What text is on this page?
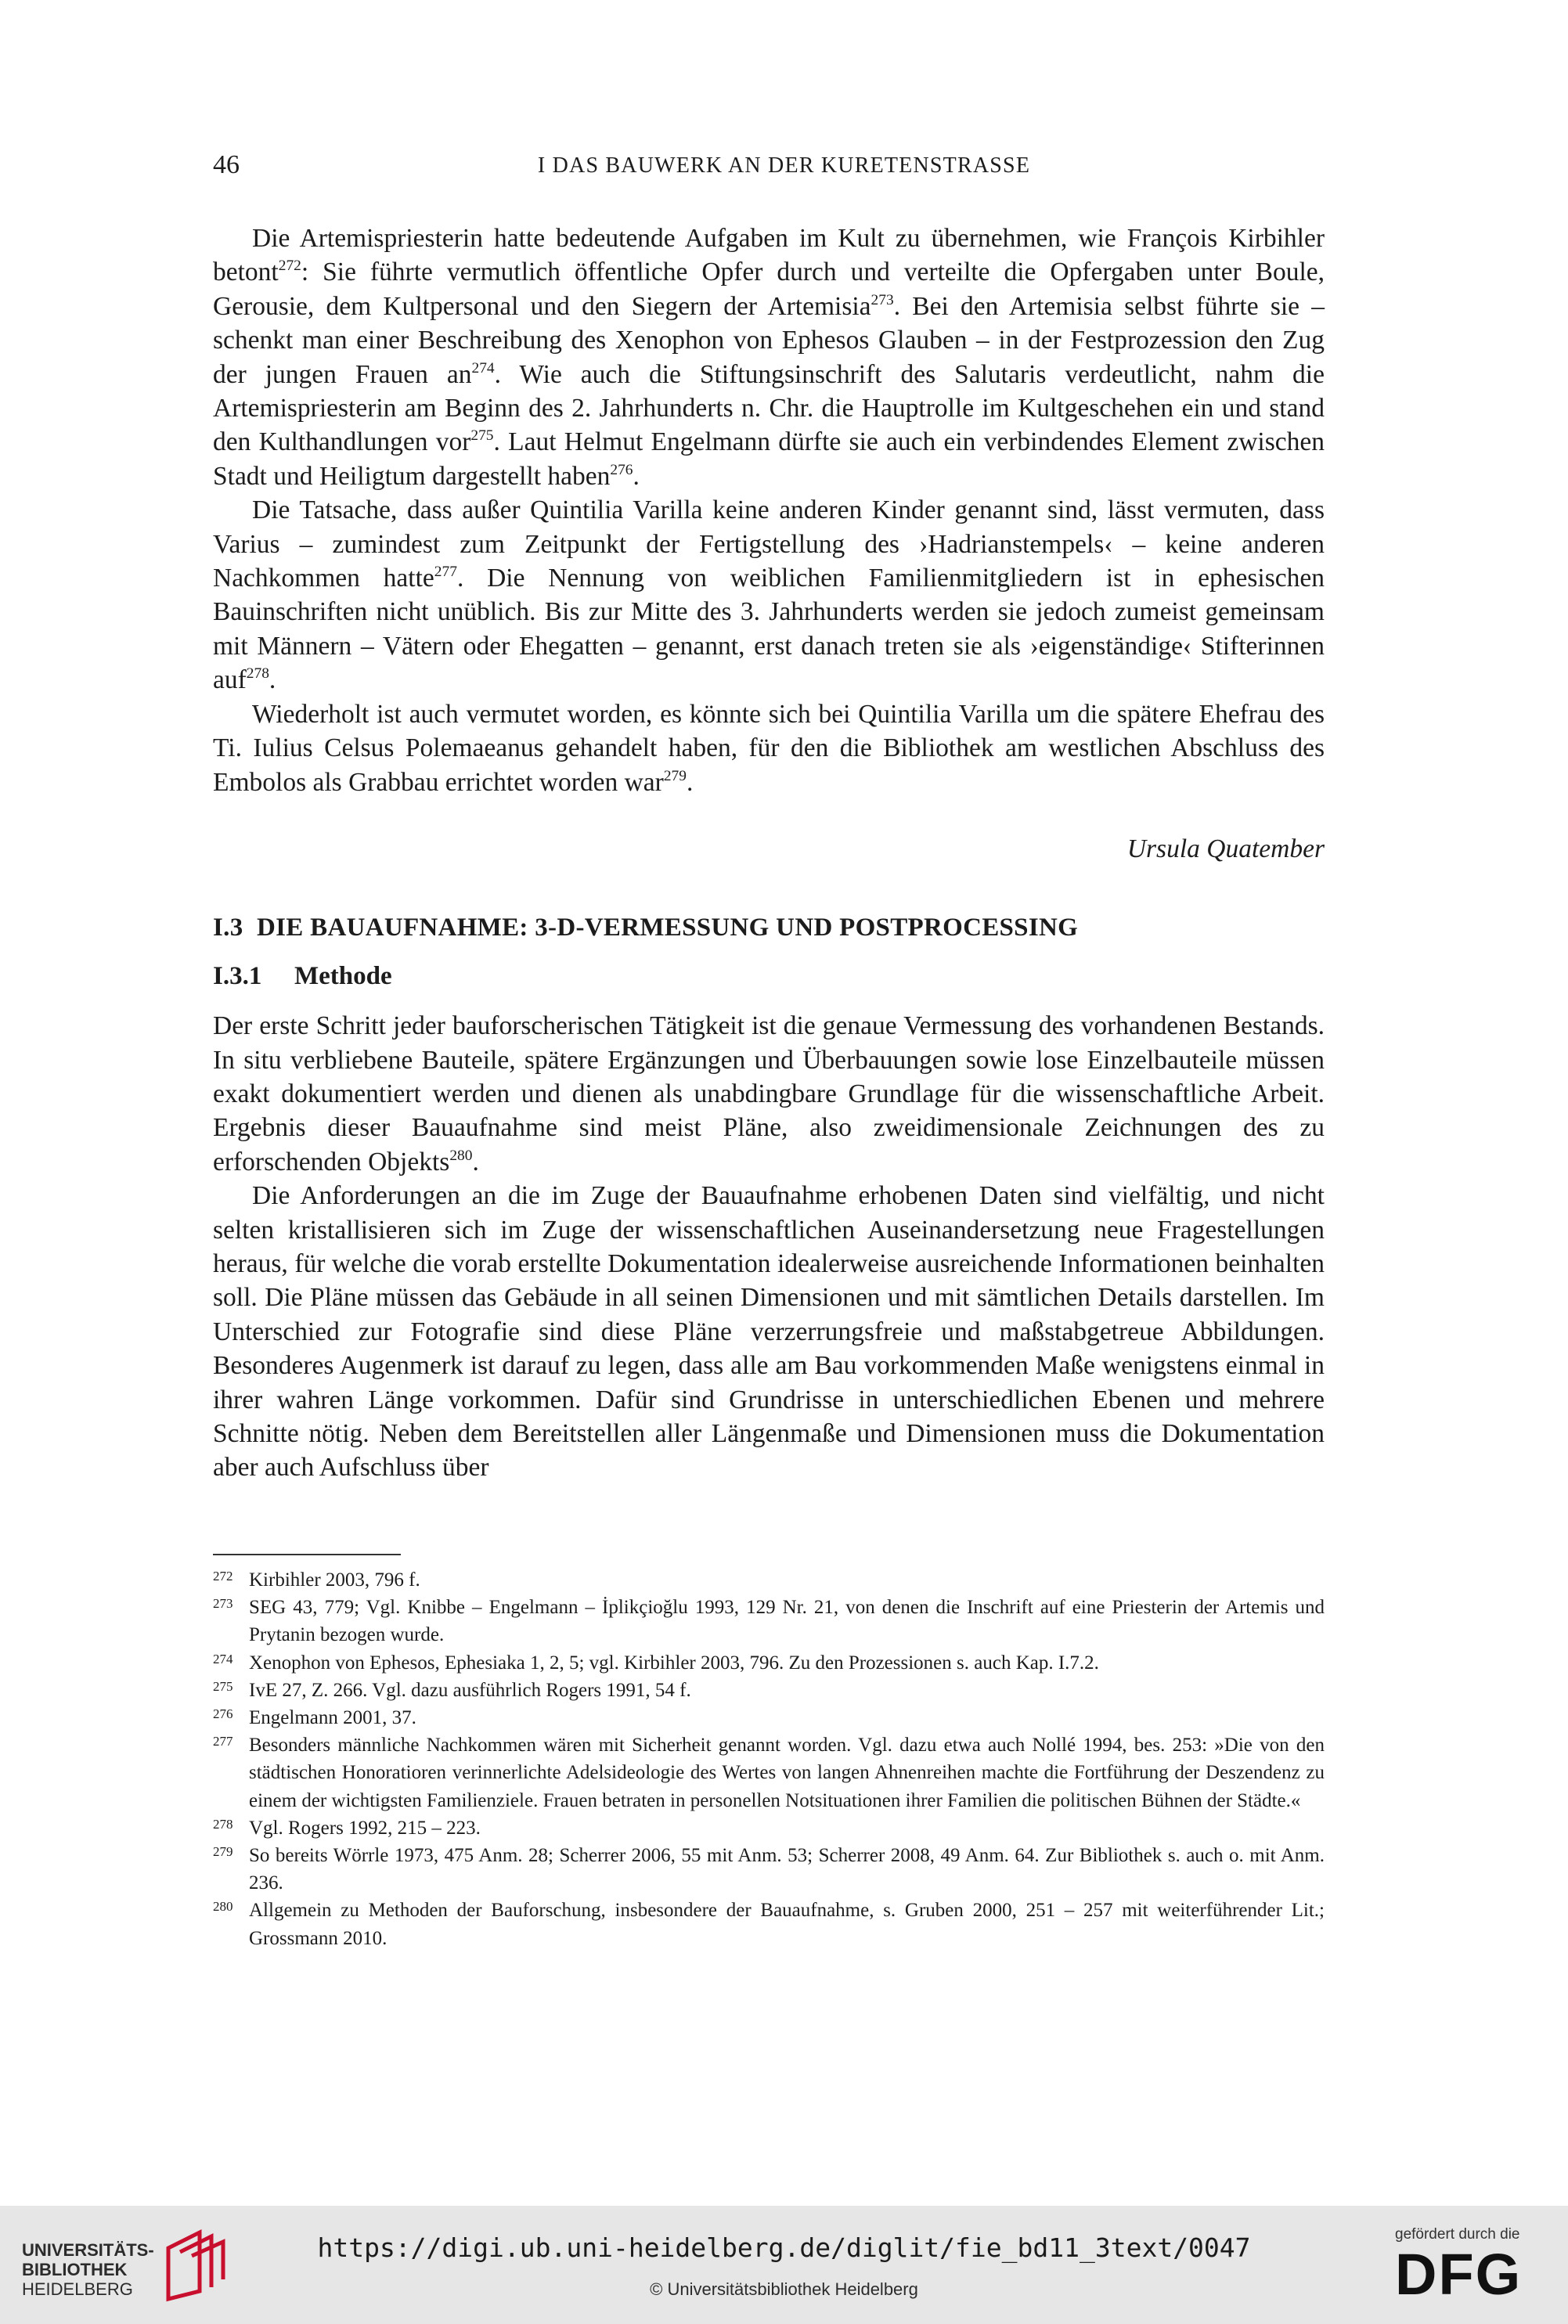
46	I DAS BAUWERK AN DER KURETENSTRASSE

Die Artemispriesterin hatte bedeutende Aufgaben im Kult zu übernehmen, wie François Kirbihler betont$^{272}$: Sie führte vermutlich öffentliche Opfer durch und verteilte die Opfergaben unter Boule, Gerousie, dem Kultpersonal und den Siegern der Artemisia$^{273}$. Bei den Artemisia selbst führte sie – schenkt man einer Beschreibung des Xenophon von Ephesos Glauben – in der Festprozession den Zug der jungen Frauen $an^{274}$. Wie auch die Stiftungsinschrift des Salutaris verdeutlicht, nahm die Artemispriesterin am Beginn des 2. Jahrhunderts n. Chr. die Hauptrolle im Kultgeschehen ein und stand den Kulthandlungen vor$^{275}$. Laut Helmut Engelmann dürfte sie auch ein verbindendes Element zwischen Stadt und Heiligtum dargestellt haben$^{276}$.

Die Tatsache, dass außer Quintilia Varilla keine anderen Kinder genannt sind, lässt vermuten, dass Varius – zumindest zum Zeitpunkt der Fertigstellung des ›Hadrianstempels‹ – keine anderen Nachkommen hatte$^{277}$. Die Nennung von weiblichen Familienmitgliedern ist in ephesischen Bauinschriften nicht unüblich. Bis zur Mitte des 3. Jahrhunderts werden sie jedoch zumeist gemeinsam mit Männern – Vätern oder Ehegatten – genannt, erst danach treten sie als ›eigenständige‹ Stifterinnen auf$^{278}$.

Wiederholt ist auch vermutet worden, es könnte sich bei Quintilia Varilla um die spätere Ehefrau des Ti. Iulius Celsus Polemaeanus gehandelt haben, für den die Bibliothek am westlichen Abschluss des Embolos als Grabbau errichtet worden war$^{279}$.

Ursula Quatember
I.3 DIE BAUAUFNAHME: 3-D-VERMESSUNG UND POSTPROCESSING
I.3.1 Methode

Der erste Schritt jeder bauforscherischen Tätigkeit ist die genaue Vermessung des vorhandenen Bestands. In situ verbliebene Bauteile, spätere Ergänzungen und Überbauungen sowie lose Einzelbauteile müssen exakt dokumentiert werden und dienen als unabdingbare Grundlage für die wissenschaftliche Arbeit. Ergebnis dieser Bauaufnahme sind meist Pläne, also zweidimensionale Zeichnungen des zu erforschenden Objekts$^{280}$.

Die Anforderungen an die im Zuge der Bauaufnahme erhobenen Daten sind vielfältig, und nicht selten kristallisieren sich im Zuge der wissenschaftlichen Auseinandersetzung neue Fragestellungen heraus, für welche die vorab erstellte Dokumentation idealerweise ausreichende Informationen beinhalten soll. Die Pläne müssen das Gebäude in all seinen Dimensionen und mit sämtlichen Details darstellen. Im Unterschied zur Fotografie sind diese Pläne verzerrungsfreie und maßstabgetreue Abbildungen. Besonderes Augenmerk ist darauf zu legen, dass alle am Bau vorkommenden Maße wenigstens einmal in ihrer wahren Länge vorkommen. Dafür sind Grundrisse in unterschiedlichen Ebenen und mehrere Schnitte nötig. Neben dem Bereitstellen aller Längenmaße und Dimensionen muss die Dokumentation aber auch Aufschluss über

272 Kirbihler 2003, 796 f.
273 SEG 43, 779; Vgl. Knibbe – Engelmann – İplikçioğlu 1993, 129 Nr. 21, von denen die Inschrift auf eine Priesterin der Artemis und Prytanin bezogen wurde.
274 Xenophon von Ephesos, Ephesiaka 1, 2, 5; vgl. Kirbihler 2003, 796. Zu den Prozessionen s. auch Kap. I.7.2.
275 IvE 27, Z. 266. Vgl. dazu ausführlich Rogers 1991, 54 f.
276 Engelmann 2001, 37.
277 Besonders männliche Nachkommen wären mit Sicherheit genannt worden. Vgl. dazu etwa auch Nollé 1994, bes. 253: »Die von den städtischen Honoratioren verinnerlichte Adelsideologie des Wertes von langen Ahnenreihen machte die Fortführung der Deszendenz zu einem der wichtigsten Familienziele. Frauen betraten in personellen Notsituationen ihrer Familien die politischen Bühnen der Städte.«
278 Vgl. Rogers 1992, 215 – 223.
279 So bereits Wörrle 1973, 475 Anm. 28; Scherrer 2006, 55 mit Anm. 53; Scherrer 2008, 49 Anm. 64. Zur Bibliothek s. auch o. mit Anm. 236.
280 Allgemein zu Methoden der Bauforschung, insbesondere der Bauaufnahme, s. Gruben 2000, 251 – 257 mit weiterführender Lit.; Grossmann 2010.
UNIVERSITÄTS-
BIBLIOTHEK
HEIDELBERG
https://digi.ub.uni-heidelberg.de/diglit/fie_bd11_3text/0047
© Universitätsbibliothek Heidelberg
gefördert durch die
DFG
